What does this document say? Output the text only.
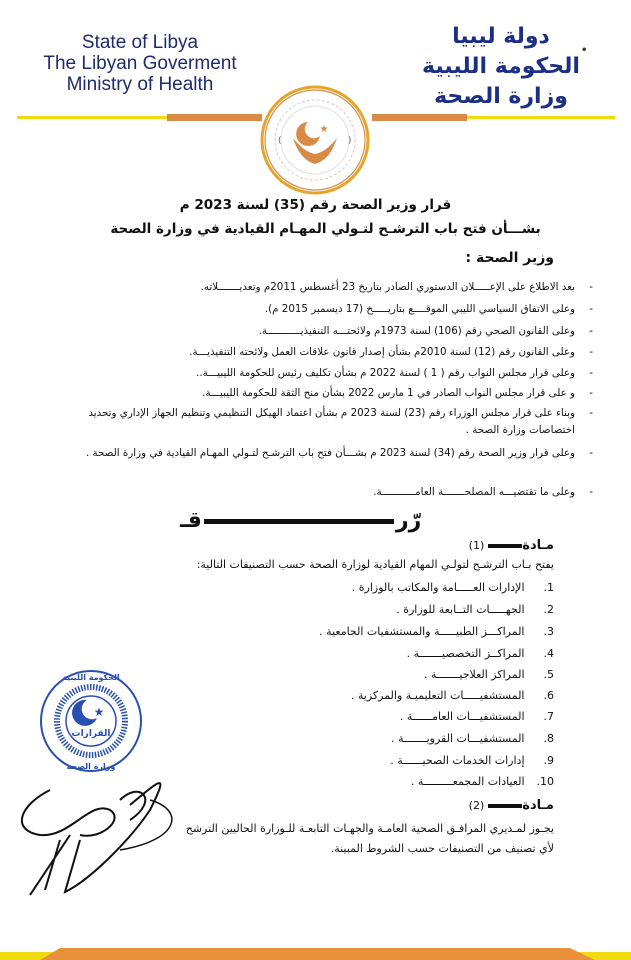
State of Libya
The Libyan Goverment
Ministry of Health
•
دولة ليبيا
الحكومة الليبية
وزارة الصحة
★
(	)
قرار وزير الصحة رقم (35) لسنة 2023 م
بشـــأن فتح باب الترشـح لتـولي المهـام القيادية في وزارة الصحة
وزير الصحة :
-
بعد الاطلاع على الإعـــــلان الدستوري الصادر بتاريخ 23 أغسطس 2011م وتعديـــــــلاته.
-
وعلى الاتفاق السياسي الليبي الموقــــع بتاريـــــخ (17 ديسمبر 2015 م).
-
وعلى القانون الصحي رقم (106) لسنة 1973م ولائحتـــه التنفيذيـــــــــــة.
-
وعلى القانون رقم (12) لسنة 2010م بشأن إصدار قانون علاقات العمل ولائحته التنفيذيـــة.
-
وعلى قرار مجلس النواب رقم ( 1 ) لسنة 2022 م بشأن تكليف رئيس للحكومة الليبيـــة..
-
و على قرار مجلس النواب الصادر في 1 مارس 2022 بشأن منح الثقة للحكومة الليبيـــة.
-
وبناء على قرار مجلس الوزراء رقم (23) لسنة 2023 م بشأن اعتماد الهيكل التنظيمي وتنظيم الجهاز الإداري وتحديد اختصاصات وزارة الصحة .
-
وعلى قرار وزير الصحة رقم (34) لسنة 2023 م بشـــأن فتح باب الترشـح لتـولي المهـام القيادية في وزارة الصحة .
-
وعلى ما تقتضيـــه المصلحـــــــة العامـــــــــــة.
رّرقـ
مـادة(1)
يفتح بـاب الترشـح لتولـي المهام القيادية لوزارة الصحة حسب التصنيفات التالية:
1. الإدارات العـــــامة والمكاتب بالوزارة .
2. الجهـــــات التــابعة للوزارة .
3. المراكـــز الطبيـــــة والمستشفيات الجامعية .
4. المراكــز التخصصيـــــــة .
5. المراكز العلاجيـــــــة .
6. المستشفيـــــات التعليميـة والمركزية .
7. المستشفيـــات العامــــــة .
8. المستشفيـــات القرويـــــــة .
9. إدارات الخدمات الصحيــــــة .
10. العيادات المجمعـــــــــة .
مـادة(2)
يجـوز لمـديري المرافـق الصحية العامـة والجهـات التابعـة للـوزارة الحاليين الترشح
لأي تصنيف من التصنيفات حسب الشروط المبينة.
★
الحكومة الليبية
القرارات
وزارة الصحة
